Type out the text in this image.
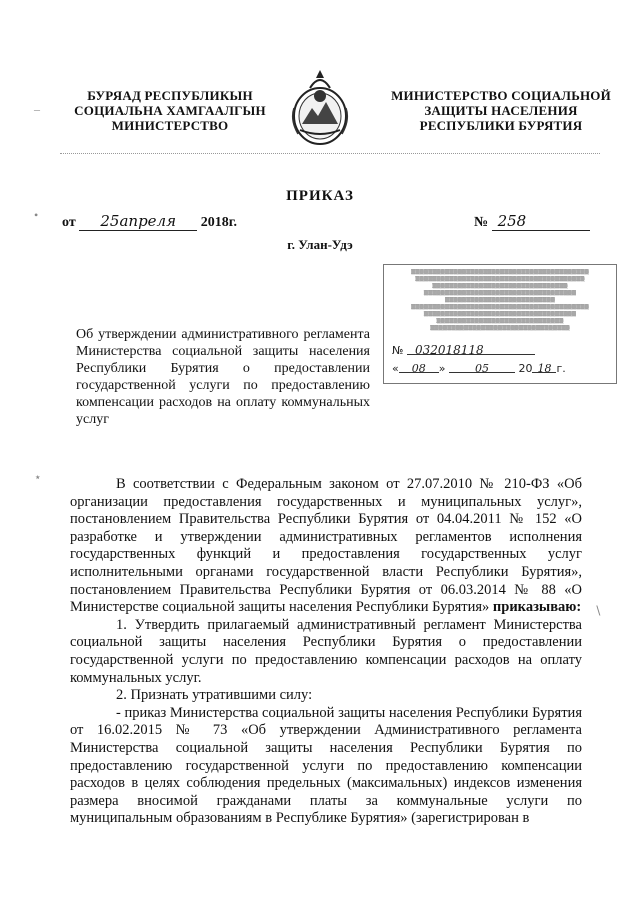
БУРЯАД РЕСПУБЛИКЫН
СОЦИАЛЬНА ХАМГААЛГЫН
МИНИСТЕРСТВО
МИНИСТЕРСТВО СОЦИАЛЬНОЙ
ЗАЩИТЫ НАСЕЛЕНИЯ
РЕСПУБЛИКИ БУРЯТИЯ
ПРИКАЗ
от 25апреля 2018г.	№ 258
г. Улан-Удэ
▒▒▒▒▒▒▒▒▒▒▒▒▒▒▒▒▒▒▒▒▒▒▒▒▒▒▒▒▒▒▒▒▒▒▒▒▒▒▒▒▒▒
▒▒▒▒▒▒▒▒▒▒▒▒▒▒▒▒▒▒▒▒▒▒▒▒▒▒▒▒▒▒▒▒▒▒▒▒▒▒▒▒
▒▒▒▒▒▒▒▒▒▒▒▒▒▒▒▒▒▒▒▒▒▒▒▒▒▒▒▒▒▒▒▒
▒▒▒▒▒▒▒▒▒▒▒▒▒▒▒▒▒▒▒▒▒▒▒▒▒▒▒▒▒▒▒▒▒▒▒▒
▒▒▒▒▒▒▒▒▒▒▒▒▒▒▒▒▒▒▒▒▒▒▒▒▒▒
▒▒▒▒▒▒▒▒▒▒▒▒▒▒▒▒▒▒▒▒▒▒▒▒▒▒▒▒▒▒▒▒▒▒▒▒▒▒▒▒▒▒
▒▒▒▒▒▒▒▒▒▒▒▒▒▒▒▒▒▒▒▒▒▒▒▒▒▒▒▒▒▒▒▒▒▒▒▒
▒▒▒▒▒▒▒▒▒▒▒▒▒▒▒▒▒▒▒▒▒▒▒▒▒▒▒▒▒▒
▒▒▒▒▒▒▒▒▒▒▒▒▒▒▒▒▒▒▒▒▒▒▒▒▒▒▒▒▒▒▒▒▒
№ 032018118
« 08 »	05	20 18 г.
Об утверждении административного регламента Министерства социальной защиты населения Республики Бурятия о предоставлении государственной услуги по предоставлению компенсации расходов на оплату коммунальных услуг
‒
•
⋆
∖

В соответствии с Федеральным законом от 27.07.2010 № 210-ФЗ «Об организации предоставления государственных и муниципальных услуг», постановлением Правительства Республики Бурятия от 04.04.2011 № 152 «О разработке и утверждении административных регламентов исполнения государственных функций и предоставления государственных услуг исполнительными органами государственной власти Республики Бурятия», постановлением Правительства Республики Бурятия от 06.03.2014 № 88 «О Министерстве социальной защиты населения Республики Бурятия» приказываю:

1. Утвердить прилагаемый административный регламент Министерства социальной защиты населения Республики Бурятия о предоставлении государственной услуги по предоставлению компенсации расходов на оплату коммунальных услуг.

2. Признать утратившими силу:

- приказ Министерства социальной защиты населения Республики Бурятия от 16.02.2015 № 73 «Об утверждении Административного регламента Министерства социальной защиты населения Республики Бурятия по предоставлению государственной услуги по предоставлению компенсации расходов в целях соблюдения предельных (максимальных) индексов изменения размера вносимой гражданами платы за коммунальные услуги по муниципальным образованиям в Республике Бурятия» (зарегистрирован в
